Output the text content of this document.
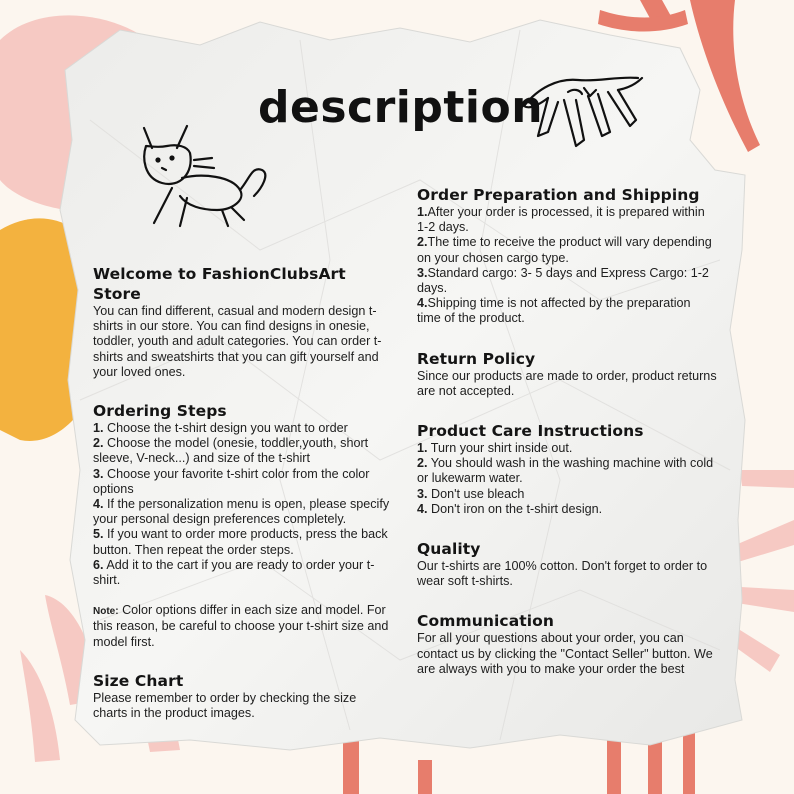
description
Welcome to FashionClubsArt Store
You can find different, casual and modern design t-shirts in our store. You can find designs in onesie, toddler, youth and adult categories. You can order t-shirts and sweatshirts that you can gift yourself and your loved ones.
Ordering Steps
1. Choose the t-shirt design you want to order
2. Choose the model (onesie, toddler,youth, short sleeve, V-neck...) and size of the t-shirt
3. Choose your favorite t-shirt color from the color options
4. If the personalization menu is open, please specify your personal design preferences completely.
5. If you want to order more products, press the back button. Then repeat the order steps.
6. Add it to the cart if you are ready to order your t-shirt.
Note: Color options differ in each size and model. For this reason, be careful to choose your t-shirt size and model first.
Size Chart
Please remember to order by checking the size charts in the product images.
Order Preparation and Shipping
1.After your order is processed, it is prepared within 1-2 days.
2.The time to receive the product will vary depending on your chosen cargo type.
3.Standard cargo: 3- 5 days and Express Cargo: 1-2 days.
4.Shipping time is not affected by the preparation time of the product.
Return Policy
Since our products are made to order, product returns are not accepted.
Product Care Instructions
1. Turn your shirt inside out.
2. You should wash in the washing machine with cold or lukewarm water.
3. Don't use bleach
4. Don't iron on the t-shirt design.
Quality
Our t-shirts are 100% cotton. Don't forget to order to wear soft t-shirts.
Communication
For all your questions about your order, you can contact us by clicking the "Contact Seller" button. We are always with you to make your order the best
